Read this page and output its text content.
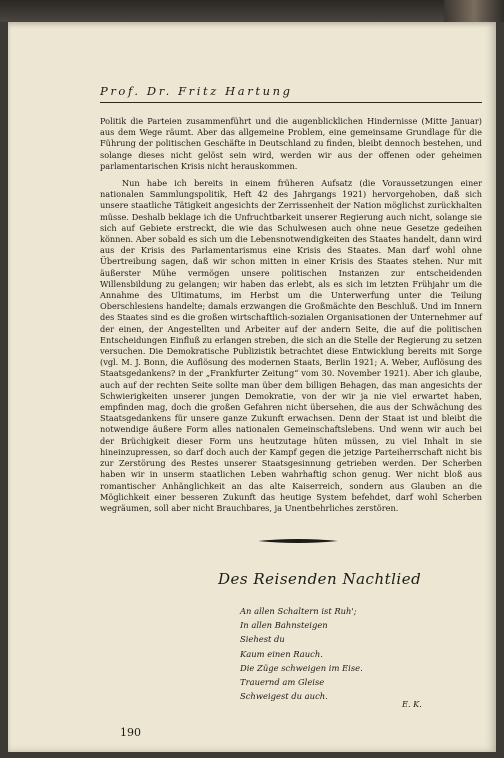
Prof. Dr. Fritz Hartung

Politik die Parteien zusammenführt und die augenblicklichen Hindernisse (Mitte Januar) aus dem Wege räumt. Aber das allgemeine Problem, eine gemeinsame Grundlage für die Führung der politischen Geschäfte in Deutschland zu finden, bleibt dennoch bestehen, und solange dieses nicht gelöst sein wird, werden wir aus der offenen oder geheimen parlamentarischen Krisis nicht herauskommen.

Nun habe ich bereits in einem früheren Aufsatz (die Voraussetzungen einer nationalen Sammlungspolitik, Heft 42 des Jahrgangs 1921) hervorgehoben, daß sich unsere staatliche Tätigkeit angesichts der Zerrissenheit der Nation möglichst zurückhalten müsse. Deshalb beklage ich die Unfruchtbarkeit unserer Regierung auch nicht, solange sie sich auf Gebiete erstreckt, die wie das Schulwesen auch ohne neue Gesetze gedeihen können. Aber sobald es sich um die Lebensnotwendigkeiten des Staates handelt, dann wird aus der Krisis des Parlamentarismus eine Krisis des Staates. Man darf wohl ohne Übertreibung sagen, daß wir schon mitten in einer Krisis des Staates stehen. Nur mit äußerster Mühe vermögen unsere politischen Instanzen zur entscheidenden Willensbildung zu gelangen; wir haben das erlebt, als es sich im letzten Frühjahr um die Annahme des Ultimatums, im Herbst um die Unterwerfung unter die Teilung Oberschlesiens handelte; damals erzwangen die Großmächte den Beschluß. Und im Innern des Staates sind es die großen wirtschaftlich-sozialen Organisationen der Unternehmer auf der einen, der Angestellten und Arbeiter auf der andern Seite, die auf die politischen Entscheidungen Einfluß zu erlangen streben, die sich an die Stelle der Regierung zu setzen versuchen. Die Demokratische Publizistik betrachtet diese Entwicklung bereits mit Sorge (vgl. M. J. Bonn, die Auflösung des modernen Staats, Berlin 1921; A. Weber, Auflösung des Staatsgedankens? in der „Frankfurter Zeitung“ vom 30. November 1921). Aber ich glaube, auch auf der rechten Seite sollte man über dem billigen Behagen, das man angesichts der Schwierigkeiten unserer jungen Demokratie, von der wir ja nie viel erwartet haben, empfinden mag, doch die großen Gefahren nicht übersehen, die aus der Schwächung des Staatsgedankens für unsere ganze Zukunft erwachsen. Denn der Staat ist und bleibt die notwendige äußere Form alles nationalen Gemeinschaftslebens. Und wenn wir auch bei der Brüchigkeit dieser Form uns heutzutage hüten müssen, zu viel Inhalt in sie hineinzupressen, so darf doch auch der Kampf gegen die jetzige Parteiherrschaft nicht bis zur Zerstörung des Restes unserer Staatsgesinnung getrieben werden. Der Scherben haben wir in unserm staatlichen Leben wahrhaftig schon genug. Wer nicht bloß aus romantischer Anhänglichkeit an das alte Kaiserreich, sondern aus Glauben an die Möglichkeit einer besseren Zukunft das heutige System befehdet, darf wohl Scherben wegräumen, soll aber nicht Brauchbares, ja Unentbehrliches zerstören.

Des Reisenden Nachtlied
An allen Schaltern ist Ruh';
In allen Bahnsteigen
Siehest du
Kaum einen Rauch.
Die Züge schweigen im Eise.
Trauernd am Gleise
Schweigest du auch.
E. K.
190
